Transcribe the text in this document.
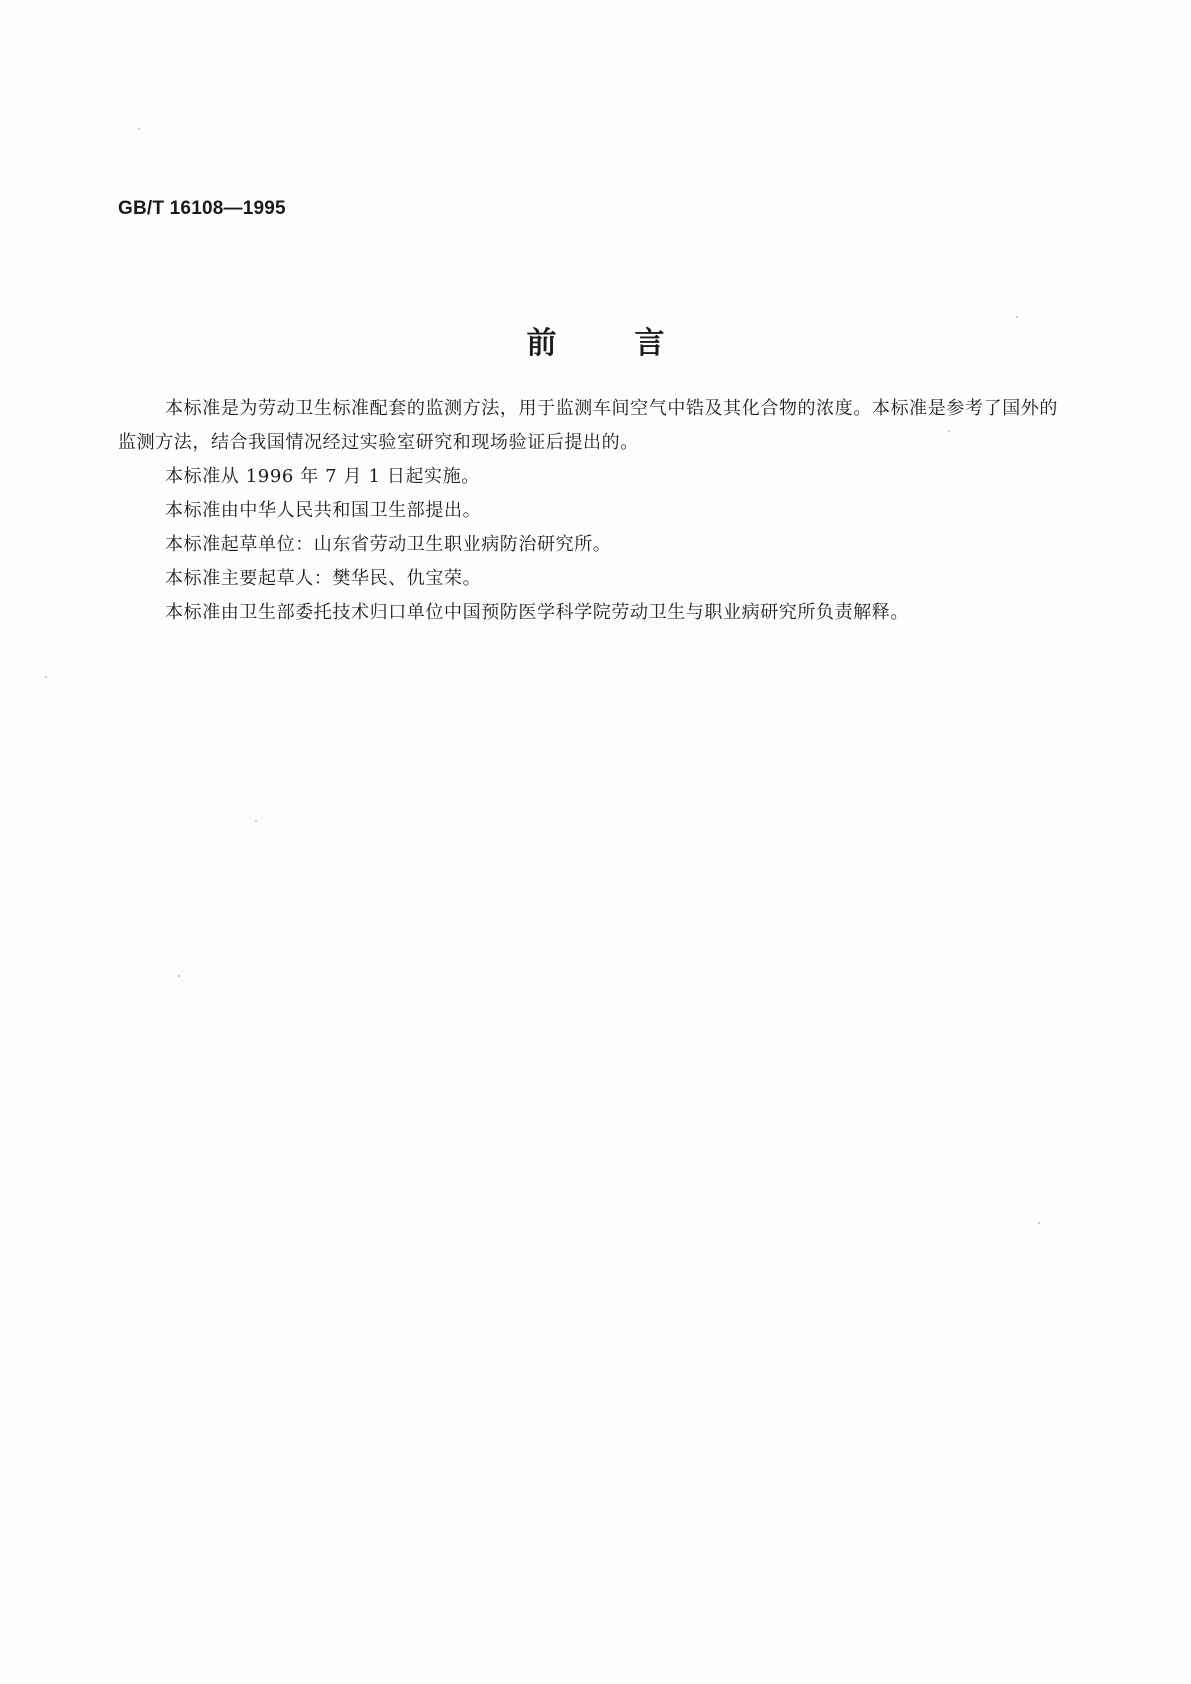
GB/T 16108—1995
前言

本标准是为劳动卫生标准配套的监测方法，用于监测车间空气中锆及其化合物的浓度。本标准是参考了国外的监测方法，结合我国情况经过实验室研究和现场验证后提出的。

本标准从 1996 年 7 月 1 日起实施。

本标准由中华人民共和国卫生部提出。

本标准起草单位：山东省劳动卫生职业病防治研究所。

本标准主要起草人：樊华民、仇宝荣。

本标准由卫生部委托技术归口单位中国预防医学科学院劳动卫生与职业病研究所负责解释。
